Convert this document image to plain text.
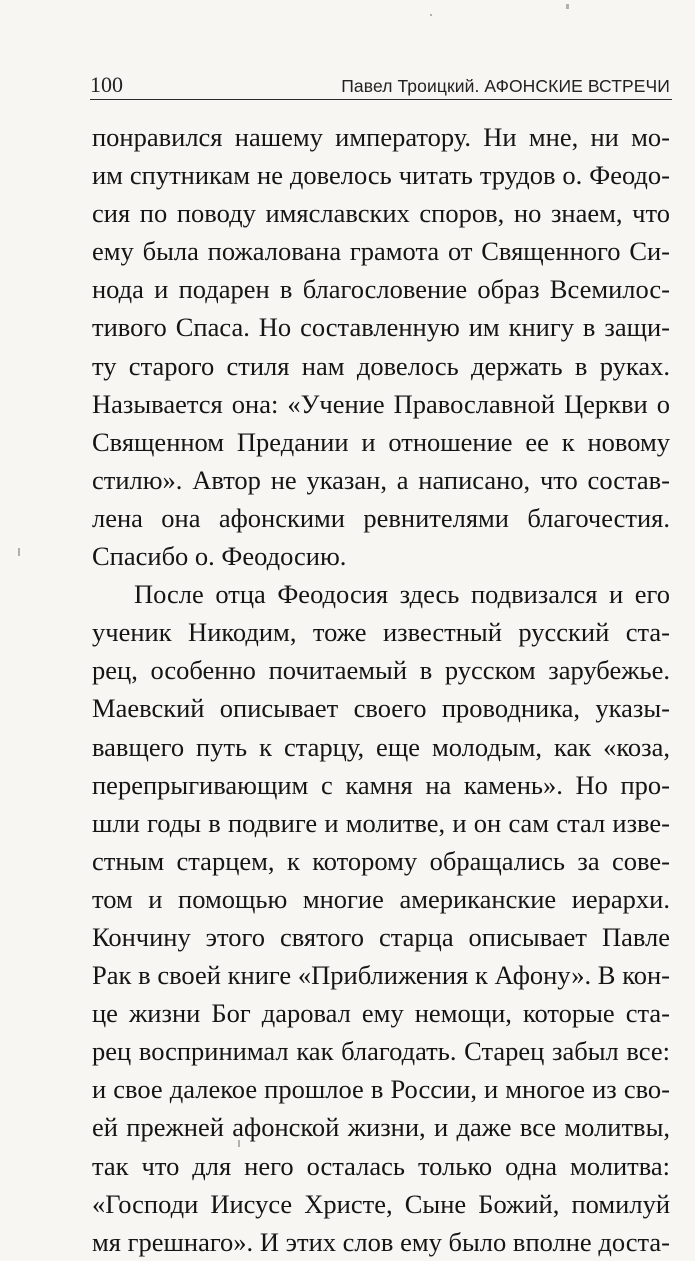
100	Павел Троицкий. АФОНСКИЕ ВСТРЕЧИ
понравился нашему императору. Ни мне, ни мо-
им спутникам не довелось читать трудов о. Феодо-
сия по поводу имяславских споров, но знаем, что
ему была пожалована грамота от Священного Си-
нода и подарен в благословение образ Всемилос-
тивого Спаса. Но составленную им книгу в защи-
ту старого стиля нам довелось держать в руках.
Называется она: «Учение Православной Церкви о
Священном Предании и отношение ее к новому
стилю». Автор не указан, а написано, что состав-
лена она афонскими ревнителями благочестия.
Спасибо о. Феодосию.
После отца Феодосия здесь подвизался и его
ученик Никодим, тоже известный русский ста-
рец, особенно почитаемый в русском зарубежье.
Маевский описывает своего проводника, указы-
вавщего путь к старцу, еще молодым, как «коза,
перепрыгивающим с камня на камень». Но про-
шли годы в подвиге и молитве, и он сам стал изве-
стным старцем, к которому обращались за сове-
том и помощью многие американские иерархи.
Кончину этого святого старца описывает Павле
Рак в своей книге «Приближения к Афону». В кон-
це жизни Бог даровал ему немощи, которые ста-
рец воспринимал как благодать. Старец забыл все:
и свое далекое прошлое в России, и многое из сво-
ей прежней афонской жизни, и даже все молитвы,
так что для него осталась только одна молитва:
«Господи Иисусе Христе, Сыне Божий, помилуй
мя грешнаго». И этих слов ему было вполне доста-
